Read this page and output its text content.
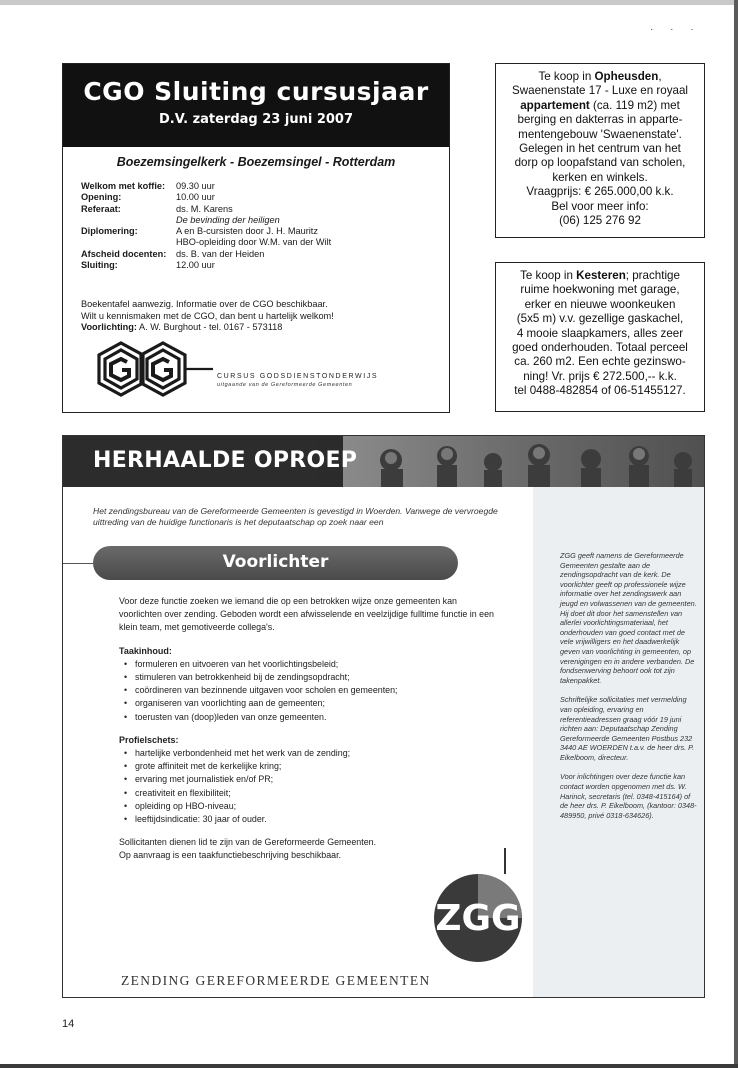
· · ·
CGO Sluiting cursusjaar
D.V. zaterdag 23 juni 2007
Boezemsingelkerk - Boezemsingel - Rotterdam
Welkom met koffie:	09.30 uur
Opening:	10.00 uur
Referaat:	ds. M. Karens
	De bevinding der heiligen
Diplomering:	A en B-cursisten door J. H. Mauritz
	HBO-opleiding door W.M. van der Wilt
Afscheid docenten:	ds. B. van der Heiden
Sluiting:	12.00 uur
Boekentafel aanwezig. Informatie over de CGO beschikbaar.
Wilt u kennismaken met de CGO, dan bent u hartelijk welkom!
Voorlichting: A. W. Burghout - tel. 0167 - 573118
CURSUS GODSDIENSTONDERWIJS
uitgaande van de Gereformeerde Gemeenten
Te koop in Opheusden,
Swaenenstate 17 - Luxe en royaal
appartement (ca. 119 m2) met
berging en dakterras in apparte-
mentengebouw 'Swaenenstate'.
Gelegen in het centrum van het
dorp op loopafstand van scholen,
kerken en winkels.
Vraagprijs: € 265.000,00 k.k.
Bel voor meer info:
(06) 125 276 92
Te koop in Kesteren; prachtige
ruime hoekwoning met garage,
erker en nieuwe woonkeuken
(5x5 m) v.v. gezellige gaskachel,
4 mooie slaapkamers, alles zeer
goed onderhouden. Totaal perceel
ca. 260 m2. Een echte gezinswo-
ning! Vr. prijs € 272.500,-- k.k.
tel 0488-482854 of 06-51455127.
HERHAALDE OPROEP
Het zendingsbureau van de Gereformeerde Gemeenten is gevestigd in Woerden. Vanwege de vervroegde uittreding van de huidige functionaris is het deputaatschap op zoek naar een
Voorlichter

Voor deze functie zoeken we iemand die op een betrokken wijze onze gemeenten kan voorlichten over zending. Geboden wordt een afwisselende en veelzijdige fulltime functie in een klein team, met gemotiveerde collega's.

Taakinhoud:
• formuleren en uitvoeren van het voorlichtingsbeleid;
• stimuleren van betrokkenheid bij de zendingsopdracht;
• coördineren van bezinnende uitgaven voor scholen en gemeenten;
• organiseren van voorlichting aan de gemeenten;
• toerusten van (doop)leden van onze gemeenten.
Profielschets:
• hartelijke verbondenheid met het werk van de zending;
• grote affiniteit met de kerkelijke kring;
• ervaring met journalistiek en/of PR;
• creativiteit en flexibiliteit;
• opleiding op HBO-niveau;
• leeftijdsindicatie: 30 jaar of ouder.
Sollicitanten dienen lid te zijn van de Gereformeerde Gemeenten.
Op aanvraag is een taakfunctiebeschrijving beschikbaar.

ZGG geeft namens de Gereformeerde Gemeenten gestalte aan de zendingsopdracht van de kerk. De voorlichter geeft op professionele wijze informatie over het zendingswerk aan jeugd en volwassenen van de gemeenten. Hij doet dit door het samenstellen van allerlei voorlichtingsmateriaal, het onderhouden van goed contact met de vele vrijwilligers en het daadwerkelijk geven van voorlichting in gemeenten, op verenigingen en in andere verbanden. De fondsenwerving behoort ook tot zijn takenpakket.

Schriftelijke sollicitaties met vermelding van opleiding, ervaring en referentieadressen graag vóór 19 juni richten aan: Deputaatschap Zending Gereformeerde Gemeenten Postbus 232 3440 AE WOERDEN t.a.v. de heer drs. P. Eikelboom, directeur.

Voor inlichtingen over deze functie kan contact worden opgenomen met ds. W. Harinck, secretaris (tel. 0348-415164) of de heer drs. P. Eikelboom, (kantoor: 0348-489950, privé 0318-634626).

ZGG
ZENDING GEREFORMEERDE GEMEENTEN
14
